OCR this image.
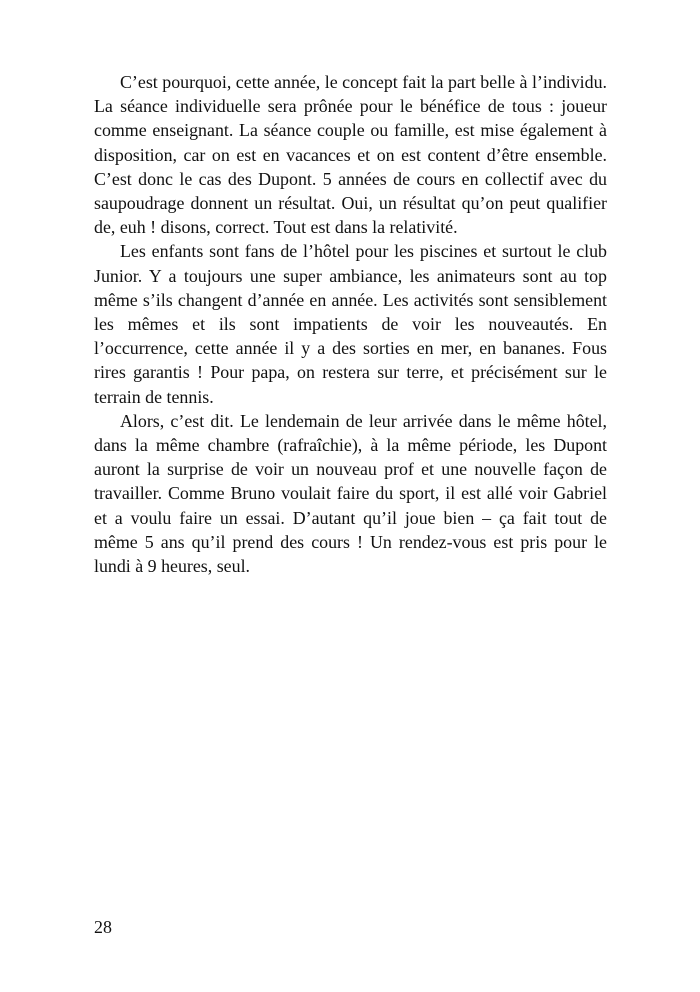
C’est pourquoi, cette année, le concept fait la part belle à l’individu. La séance individuelle sera prônée pour le bénéfice de tous : joueur comme enseignant. La séance couple ou famille, est mise également à disposition, car on est en vacances et on est content d’être ensemble. C’est donc le cas des Dupont. 5 années de cours en collectif avec du saupoudrage donnent un résultat. Oui, un résultat qu’on peut qualifier de, euh ! disons, correct. Tout est dans la relativité.

Les enfants sont fans de l’hôtel pour les piscines et surtout le club Junior. Y a toujours une super ambiance, les animateurs sont au top même s’ils changent d’année en année. Les activités sont sensiblement les mêmes et ils sont impatients de voir les nouveautés. En l’occurrence, cette année il y a des sorties en mer, en bananes. Fous rires garantis ! Pour papa, on restera sur terre, et précisément sur le terrain de tennis.

Alors, c’est dit. Le lendemain de leur arrivée dans le même hôtel, dans la même chambre (rafraîchie), à la même période, les Dupont auront la surprise de voir un nouveau prof et une nouvelle façon de travailler. Comme Bruno voulait faire du sport, il est allé voir Gabriel et a voulu faire un essai. D’autant qu’il joue bien – ça fait tout de même 5 ans qu’il prend des cours ! Un rendez-vous est pris pour le lundi à 9 heures, seul.

28
